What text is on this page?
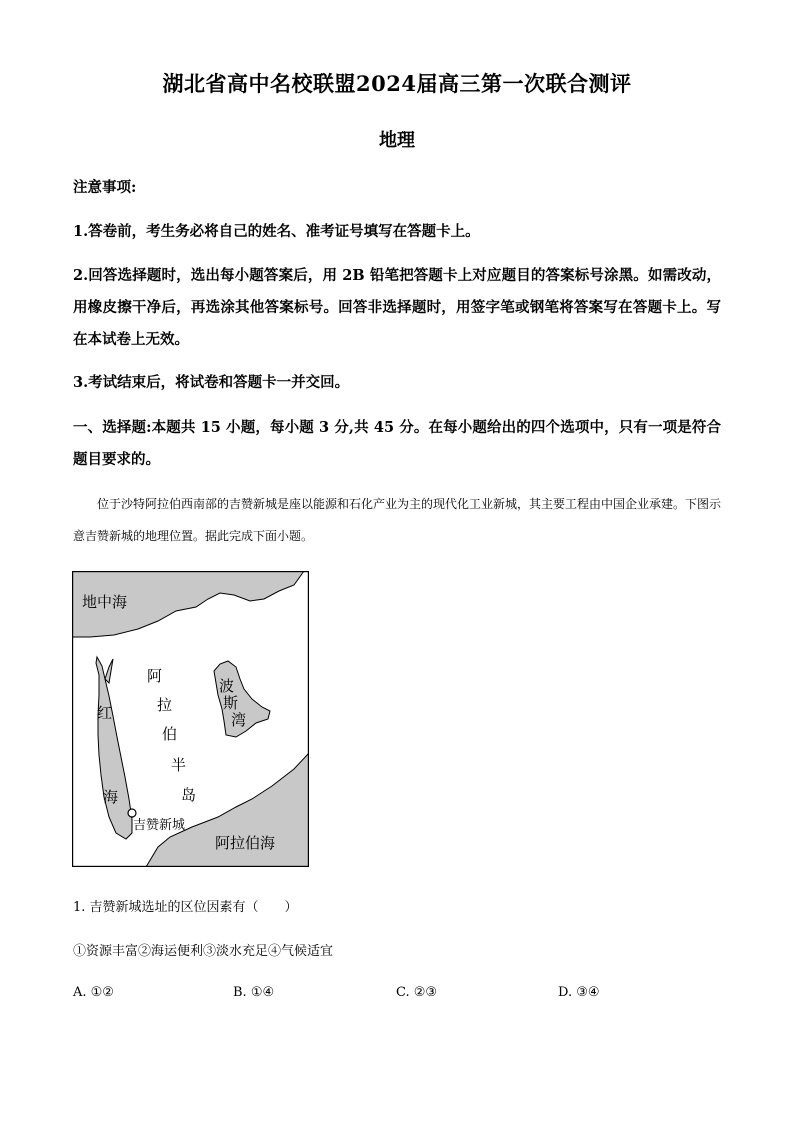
湖北省高中名校联盟2024届高三第一次联合测评
地理
注意事项:
1.答卷前，考生务必将自己的姓名、准考证号填写在答题卡上。
2.回答选择题时，选出每小题答案后，用 2B 铅笔把答题卡上对应题目的答案标号涂黑。如需改动，用橡皮擦干净后，再选涂其他答案标号。回答非选择题时，用签字笔或钢笔将答案写在答题卡上。写在本试卷上无效。
3.考试结束后，将试卷和答题卡一并交回。
一、选择题:本题共 15 小题，每小题 3 分,共 45 分。在每小题给出的四个选项中，只有一项是符合题目要求的。
位于沙特阿拉伯西南部的吉赞新城是座以能源和石化产业为主的现代化工业新城，其主要工程由中国企业承建。下图示意吉赞新城的地理位置。据此完成下面小题。
地中海
红
海
阿
拉
伯
半
岛
波
斯
湾
阿拉伯海
吉赞新城
1. 吉赞新城选址的区位因素有（　　）
①资源丰富②海运便利③淡水充足④气候适宜
A. ①②	B. ①④	C. ②③	D. ③④
